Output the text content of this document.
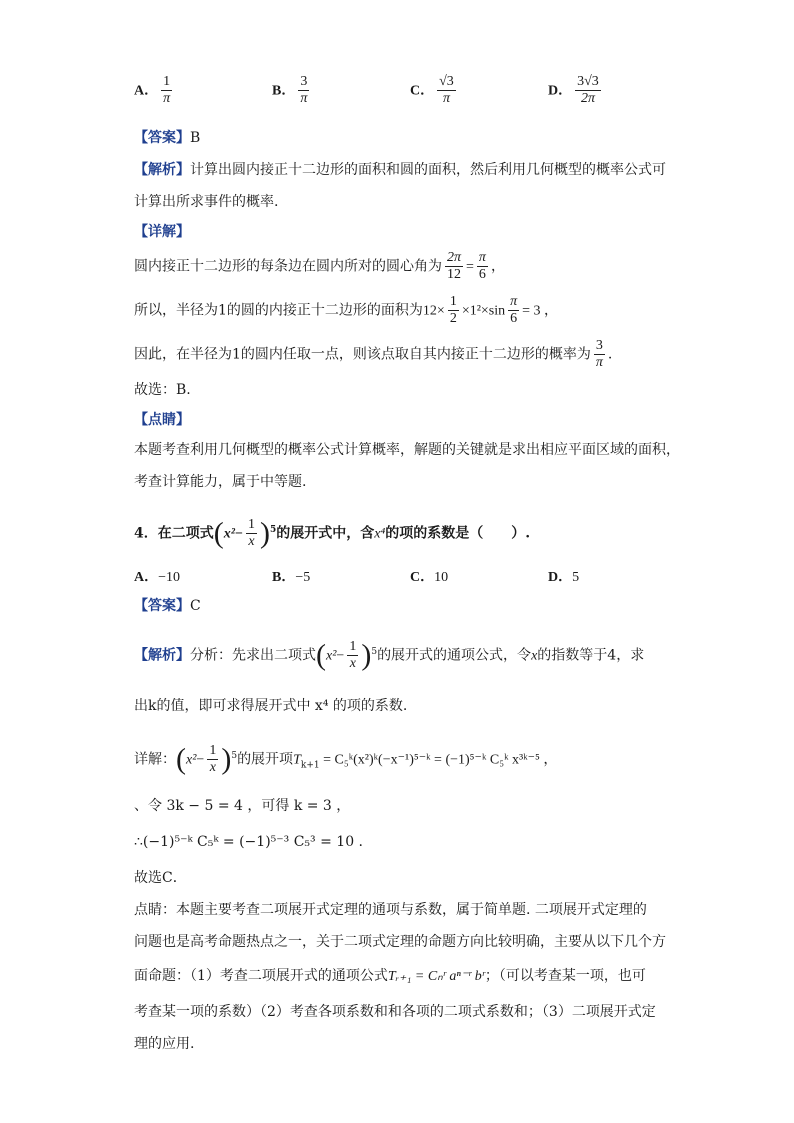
A． $\frac{1}{\pi}$	B． $\frac{3}{\pi}$	C． $\frac{√3}{\pi}$	D． $\frac{3√3}{2\pi}$
【答案】B
【解析】计算出圆内接正十二边形的面积和圆的面积，然后利用几何概型的概率公式可
计算出所求事件的概率.
【详解】
圆内接正十二边形的每条边在圆内所对的圆心角为 $\frac{2\pi}{12} = \frac{\pi}{6}$ ，
所以，半径为1的圆的内接正十二边形的面积为$12\times \frac{1}{2} \times 1^2\times\sin \frac{\pi}{6} = 3$ ，
因此，在半径为1的圆内任取一点，则该点取自其内接正十二边形的概率为 $\frac{3}{\pi}$ .
故选：B.
【点睛】
本题考查利用几何概型的概率公式计算概率，解题的关键就是求出相应平面区域的面积，
考查计算能力，属于中等题.
4．在二项式$(x^2- \frac{1}{x} )^5$的展开式中，含x⁴的项的系数是（　　）.
A．−10	B．−5	C．10	D．5
【答案】C
【解析】分析：先求出二项式$(x^2- \frac{1}{x} )^5$的展开式的通项公式，令x的指数等于4，求
出k的值，即可求得展开式中 x⁴ 的项的系数.
详解：$(x^2- \frac{1}{x} )^5$的展开项$T_{k+1}$ = C₅ᵏ(x²)ᵏ(−x⁻¹)⁵⁻ᵏ = (−1)⁵⁻ᵏ C₅ᵏ x³ᵏ⁻⁵ ，
、令 3k − 5 = 4 ，可得 k = 3 ，
∴(−1)⁵⁻ᵏ C₅ᵏ = (−1)⁵⁻³ C₅³ = 10 .
故选C．
点睛：本题主要考查二项展开式定理的通项与系数，属于简单题. 二项展开式定理的
问题也是高考命题热点之一，关于二项式定理的命题方向比较明确，主要从以下几个方
面命题：（1）考查二项展开式的通项公式Tᵣ₊₁ = Cₙʳ aⁿ⁻ʳ bʳ；（可以考查某一项，也可
考查某一项的系数）（2）考查各项系数和和各项的二项式系数和；（3）二项展开式定
理的应用.
